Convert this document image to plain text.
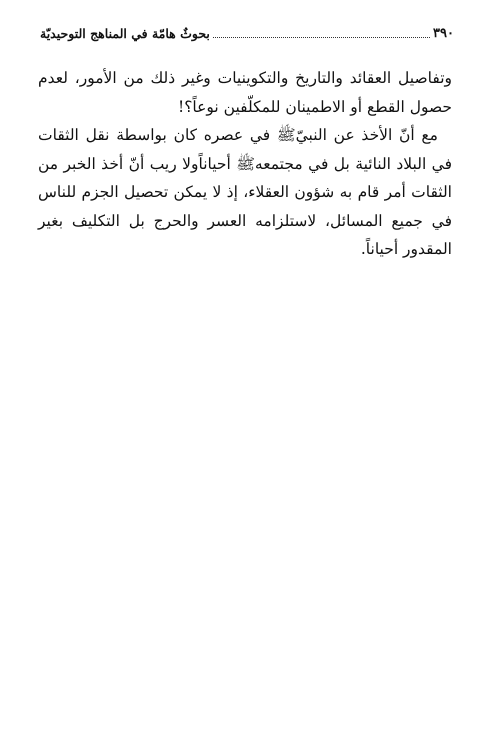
٣٩٠
بحوثٌ هامّة في المناهج التوحيديّة

وتفاصيل العقائد والتاريخ والتكوينيات وغير ذلك من الأمور، لعدم حصول القطع أو الاطمينان للمكلّفين نوعاً؟!

مع أنّ الأخذ عن النبيّﷺ في عصره كان بواسطة نقل الثقات في البلاد النائية بل في مجتمعهﷺ أحياناًولا ريب أنّ أخذ الخبر من الثقات أمر قام به شؤون العقلاء، إذ لا يمكن تحصيل الجزم للناس في جميع المسائل، لاستلزامه العسر والحرج بل التكليف بغير المقدور أحياناً.
